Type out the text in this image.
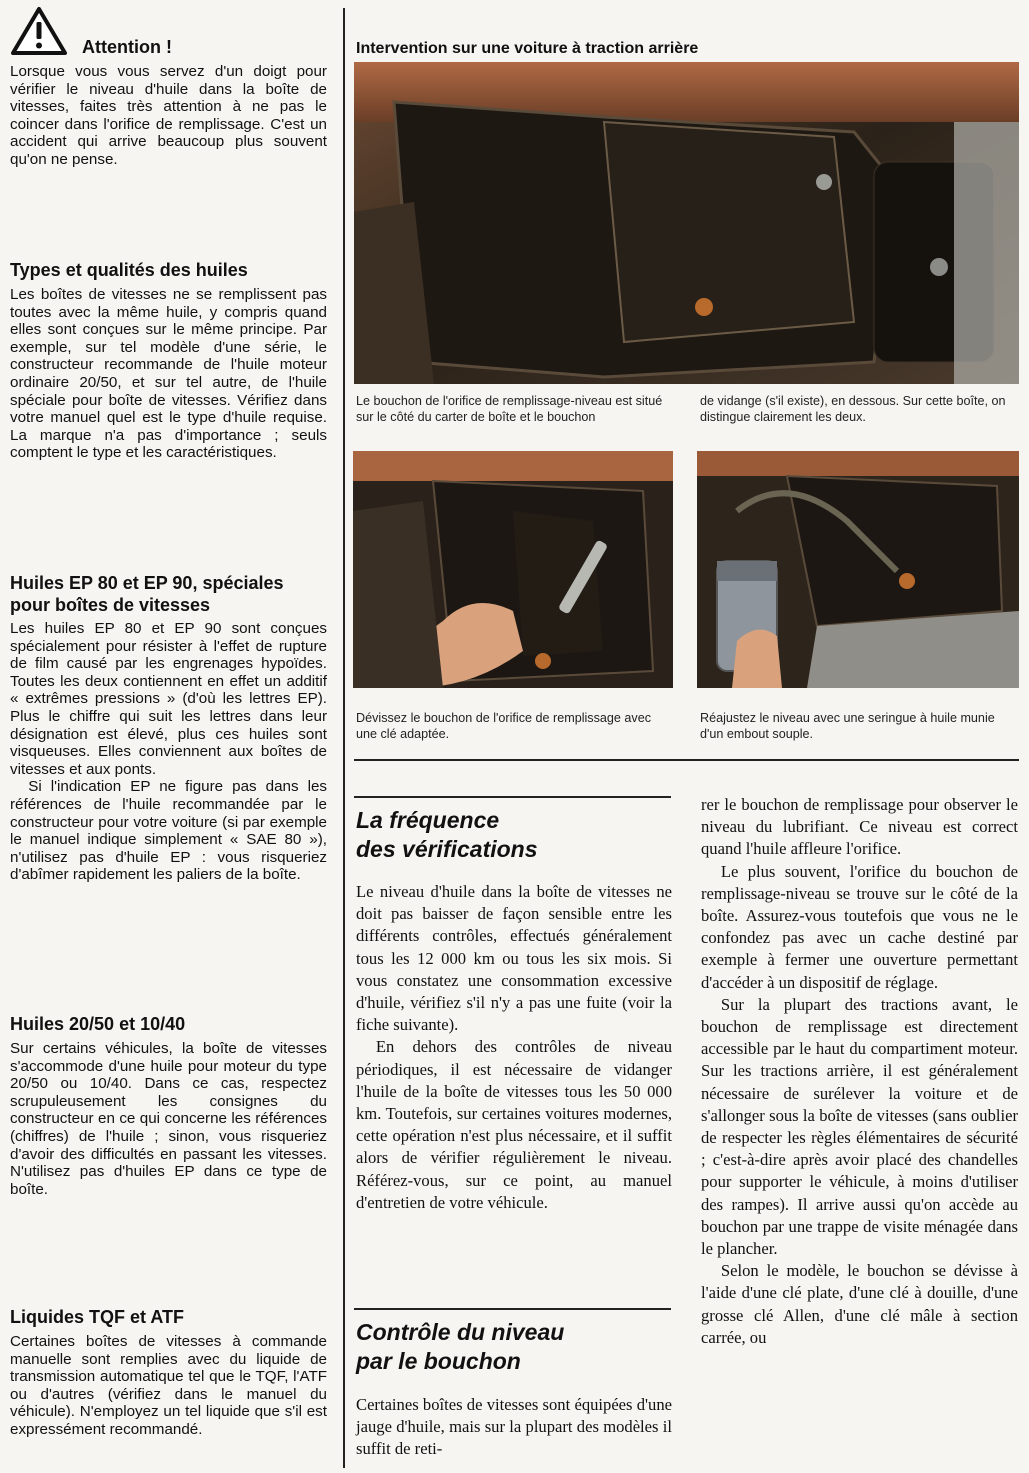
Attention !

Lorsque vous vous servez d'un doigt pour vérifier le niveau d'huile dans la boîte de vitesses, faites très attention à ne pas le coincer dans l'orifice de remplissage. C'est un accident qui arrive beaucoup plus souvent qu'on ne pense.

Types et qualités des huiles

Les boîtes de vitesses ne se remplissent pas toutes avec la même huile, y compris quand elles sont conçues sur le même principe. Par exemple, sur tel modèle d'une série, le constructeur recommande de l'huile moteur ordinaire 20/50, et sur tel autre, de l'huile spéciale pour boîte de vitesses. Vérifiez dans votre manuel quel est le type d'huile requise. La marque n'a pas d'importance ; seuls comptent le type et les caractéristiques.

Huiles EP 80 et EP 90, spéciales
pour boîtes de vitesses

Les huiles EP 80 et EP 90 sont conçues spécialement pour résister à l'effet de rupture de film causé par les engrenages hypoïdes. Toutes les deux contiennent en effet un additif « extrêmes pressions » (d'où les lettres EP). Plus le chiffre qui suit les lettres dans leur désignation est élevé, plus ces huiles sont visqueuses. Elles conviennent aux boîtes de vitesses et aux ponts.

Si l'indication EP ne figure pas dans les références de l'huile recommandée par le constructeur pour votre voiture (si par exemple le manuel indique simplement « SAE 80 »), n'utilisez pas d'huile EP : vous risqueriez d'abîmer rapidement les paliers de la boîte.

Huiles 20/50 et 10/40

Sur certains véhicules, la boîte de vitesses s'accommode d'une huile pour moteur du type 20/50 ou 10/40. Dans ce cas, respectez scrupuleusement les consignes du constructeur en ce qui concerne les références (chiffres) de l'huile ; sinon, vous risqueriez d'avoir des difficultés en passant les vitesses. N'utilisez pas d'huiles EP dans ce type de boîte.

Liquides TQF et ATF

Certaines boîtes de vitesses à commande manuelle sont remplies avec du liquide de transmission automatique tel que le TQF, l'ATF ou d'autres (vérifiez dans le manuel du véhicule). N'employez un tel liquide que s'il est expressément recommandé.

Intervention sur une voiture à traction arrière

Le bouchon de l'orifice de remplissage-niveau est situé sur le côté du carter de boîte et le bouchon

de vidange (s'il existe), en dessous. Sur cette boîte, on distingue clairement les deux.

Dévissez le bouchon de l'orifice de remplissage avec une clé adaptée.

Réajustez le niveau avec une seringue à huile munie d'un embout souple.

La fréquence
des vérifications

Le niveau d'huile dans la boîte de vitesses ne doit pas baisser de façon sensible entre les différents contrôles, effectués généralement tous les 12 000 km ou tous les six mois. Si vous constatez une consommation excessive d'huile, vérifiez s'il n'y a pas une fuite (voir la fiche suivante).

En dehors des contrôles de niveau périodiques, il est nécessaire de vidanger l'huile de la boîte de vitesses tous les 50 000 km. Toutefois, sur certaines voitures modernes, cette opération n'est plus nécessaire, et il suffit alors de vérifier régulièrement le niveau. Référez-vous, sur ce point, au manuel d'entretien de votre véhicule.

Contrôle du niveau
par le bouchon

Certaines boîtes de vitesses sont équipées d'une jauge d'huile, mais sur la plupart des modèles il suffit de reti-

rer le bouchon de remplissage pour observer le niveau du lubrifiant. Ce niveau est correct quand l'huile affleure l'orifice.

Le plus souvent, l'orifice du bouchon de remplissage-niveau se trouve sur le côté de la boîte. Assurez-vous toutefois que vous ne le confondez pas avec un cache destiné par exemple à fermer une ouverture permettant d'accéder à un dispositif de réglage.

Sur la plupart des tractions avant, le bouchon de remplissage est directement accessible par le haut du compartiment moteur. Sur les tractions arrière, il est généralement nécessaire de surélever la voiture et de s'allonger sous la boîte de vitesses (sans oublier de respecter les règles élémentaires de sécurité ; c'est-à-dire après avoir placé des chandelles pour supporter le véhicule, à moins d'utiliser des rampes). Il arrive aussi qu'on accède au bouchon par une trappe de visite ménagée dans le plancher.

Selon le modèle, le bouchon se dévisse à l'aide d'une clé plate, d'une clé à douille, d'une grosse clé Allen, d'une clé mâle à section carrée, ou
